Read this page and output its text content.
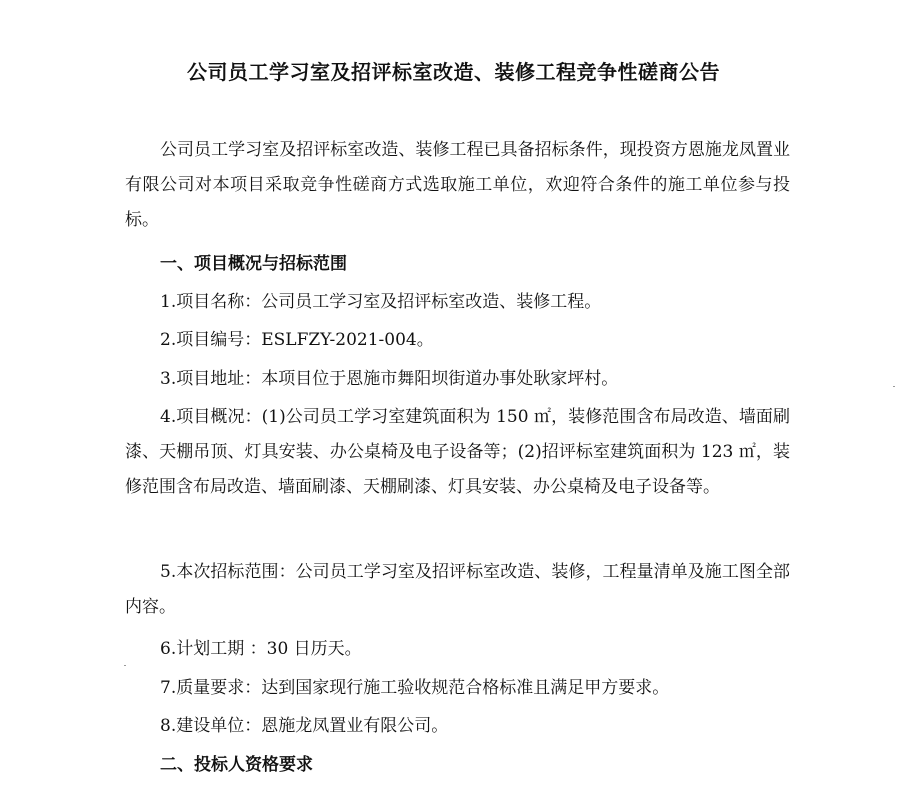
公司员工学习室及招评标室改造、装修工程竞争性磋商公告
公司员工学习室及招评标室改造、装修工程已具备招标条件，现投资方恩施龙凤置业有限公司对本项目采取竞争性磋商方式选取施工单位，欢迎符合条件的施工单位参与投标。
一、项目概况与招标范围
1.项目名称：公司员工学习室及招评标室改造、装修工程。
2.项目编号：ESLFZY-2021-004。
3.项目地址：本项目位于恩施市舞阳坝街道办事处耿家坪村。
4.项目概况：(1)公司员工学习室建筑面积为 150 ㎡，装修范围含布局改造、墙面刷漆、天棚吊顶、灯具安装、办公桌椅及电子设备等；(2)招评标室建筑面积为 123 ㎡，装修范围含布局改造、墙面刷漆、天棚刷漆、灯具安装、办公桌椅及电子设备等。
5.本次招标范围：公司员工学习室及招评标室改造、装修，工程量清单及施工图全部内容。
6.计划工期 ：30 日历天。
7.质量要求：达到国家现行施工验收规范合格标准且满足甲方要求。
8.建设单位：恩施龙凤置业有限公司。
二、投标人资格要求
